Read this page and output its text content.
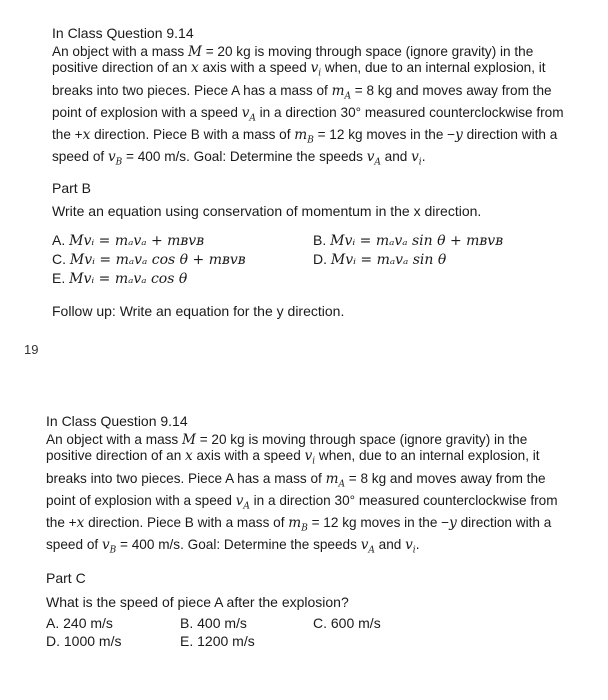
In Class Question 9.14

An object with a mass M = 20 kg is moving through space (ignore gravity) in the positive direction of an x axis with a speed $v_i$ when, due to an internal explosion, it breaks into two pieces. Piece A has a mass of $m_A = 8$ kg and moves away from the point of explosion with a speed $v_A$ in a direction 30° measured counterclockwise from the +x direction. Piece B with a mass of $m_B = 12$ kg moves in the −y direction with a speed of $v_B = 400$ m/s. Goal: Determine the speeds $v_A$ and $v_i$.

Part B
Write an equation using conservation of momentum in the x direction.
A. Mvᵢ = mₐvₐ + mʙvʙ	B. Mvᵢ = mₐvₐ sin θ + mʙvʙ
C. Mvᵢ = mₐvₐ cos θ + mʙvʙ	D. Mvᵢ = mₐvₐ sin θ
E. Mvᵢ = mₐvₐ cos θ
Follow up: Write an equation for the y direction.
19
In Class Question 9.14

An object with a mass M = 20 kg is moving through space (ignore gravity) in the positive direction of an x axis with a speed $v_i$ when, due to an internal explosion, it breaks into two pieces. Piece A has a mass of $m_A = 8$ kg and moves away from the point of explosion with a speed $v_A$ in a direction 30° measured counterclockwise from the +x direction. Piece B with a mass of $m_B = 12$ kg moves in the −y direction with a speed of $v_B = 400$ m/s. Goal: Determine the speeds $v_A$ and $v_i$.

Part C
What is the speed of piece A after the explosion?
A. 240 m/s	B. 400 m/s	C. 600 m/s
D. 1000 m/s	E. 1200 m/s
